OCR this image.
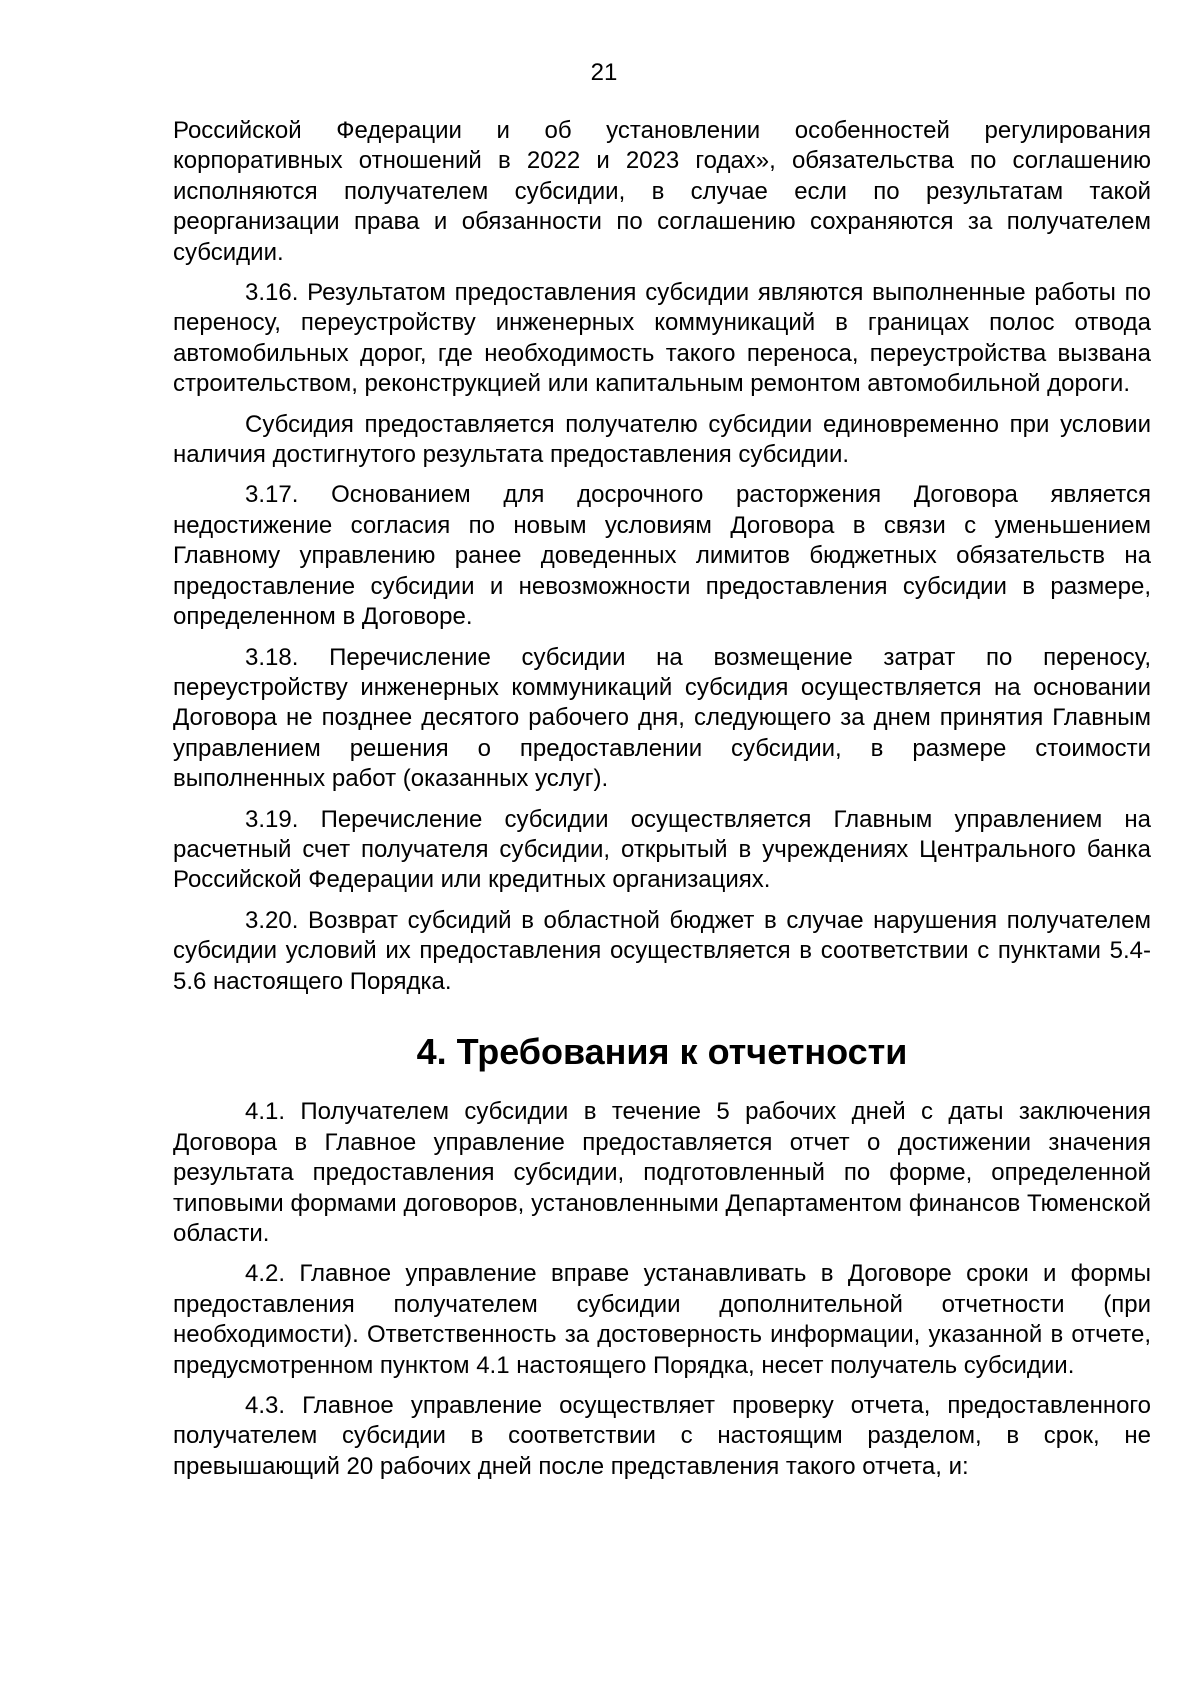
21

Российской Федерации и об установлении особенностей регулирования корпоративных отношений в 2022 и 2023 годах», обязательства по соглашению исполняются получателем субсидии, в случае если по результатам такой реорганизации права и обязанности по соглашению сохраняются за получателем субсидии.

3.16. Результатом предоставления субсидии являются выполненные работы по переносу, переустройству инженерных коммуникаций в границах полос отвода автомобильных дорог, где необходимость такого переноса, переустройства вызвана строительством, реконструкцией или капитальным ремонтом автомобильной дороги.

Субсидия предоставляется получателю субсидии единовременно при условии наличия достигнутого результата предоставления субсидии.

3.17. Основанием для досрочного расторжения Договора является недостижение согласия по новым условиям Договора в связи с уменьшением Главному управлению ранее доведенных лимитов бюджетных обязательств на предоставление субсидии и невозможности предоставления субсидии в размере, определенном в Договоре.

3.18. Перечисление субсидии на возмещение затрат по переносу, переустройству инженерных коммуникаций субсидия осуществляется на основании Договора не позднее десятого рабочего дня, следующего за днем принятия Главным управлением решения о предоставлении субсидии, в размере стоимости выполненных работ (оказанных услуг).

3.19. Перечисление субсидии осуществляется Главным управлением на расчетный счет получателя субсидии, открытый в учреждениях Центрального банка Российской Федерации или кредитных организациях.

3.20. Возврат субсидий в областной бюджет в случае нарушения получателем субсидии условий их предоставления осуществляется в соответствии с пунктами 5.4-5.6 настоящего Порядка.

4. Требования к отчетности

4.1. Получателем субсидии в течение 5 рабочих дней с даты заключения Договора в Главное управление предоставляется отчет о достижении значения результата предоставления субсидии, подготовленный по форме, определенной типовыми формами договоров, установленными Департаментом финансов Тюменской области.

4.2. Главное управление вправе устанавливать в Договоре сроки и формы предоставления получателем субсидии дополнительной отчетности (при необходимости). Ответственность за достоверность информации, указанной в отчете, предусмотренном пунктом 4.1 настоящего Порядка, несет получатель субсидии.

4.3. Главное управление осуществляет проверку отчета, предоставленного получателем субсидии в соответствии с настоящим разделом, в срок, не превышающий 20 рабочих дней после представления такого отчета, и:
